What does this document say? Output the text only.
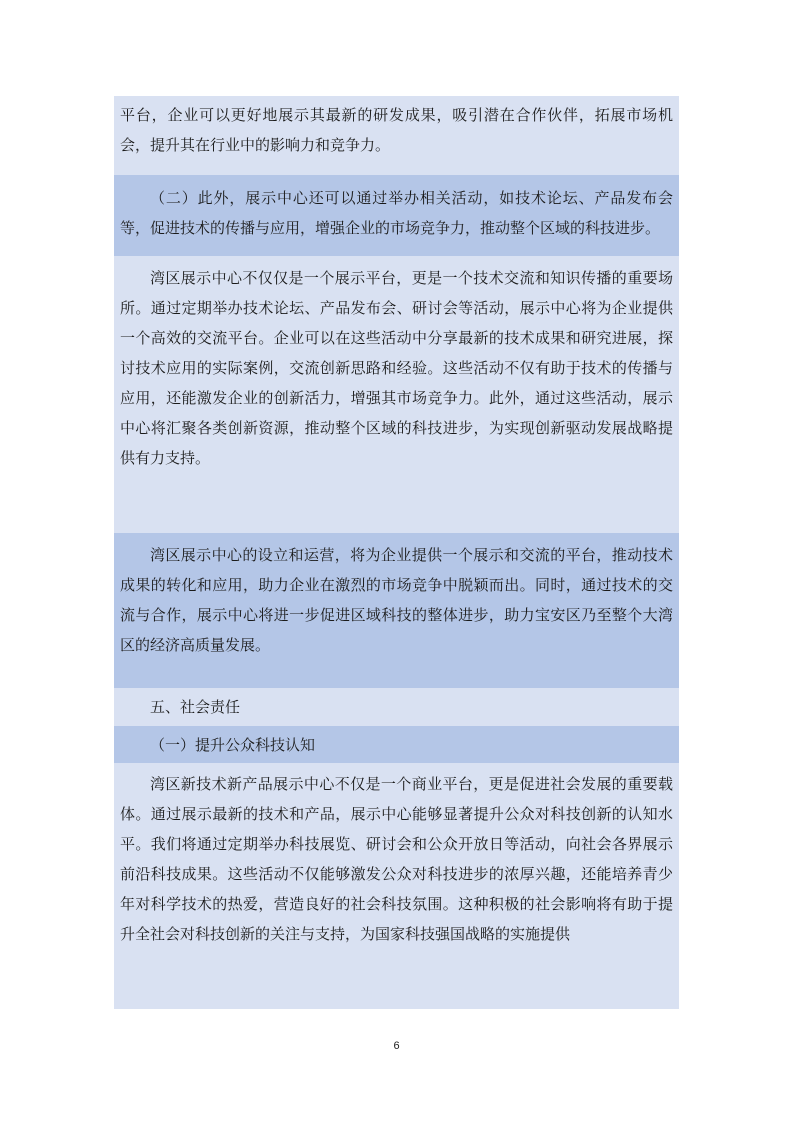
平台，企业可以更好地展示其最新的研发成果，吸引潜在合作伙伴，拓展市场机会，提升其在行业中的影响力和竞争力。

（二）此外，展示中心还可以通过举办相关活动，如技术论坛、产品发布会等，促进技术的传播与应用，增强企业的市场竞争力，推动整个区域的科技进步。

湾区展示中心不仅仅是一个展示平台，更是一个技术交流和知识传播的重要场所。通过定期举办技术论坛、产品发布会、研讨会等活动，展示中心将为企业提供一个高效的交流平台。企业可以在这些活动中分享最新的技术成果和研究进展，探讨技术应用的实际案例，交流创新思路和经验。这些活动不仅有助于技术的传播与应用，还能激发企业的创新活力，增强其市场竞争力。此外，通过这些活动，展示中心将汇聚各类创新资源，推动整个区域的科技进步，为实现创新驱动发展战略提供有力支持。

湾区展示中心的设立和运营，将为企业提供一个展示和交流的平台，推动技术成果的转化和应用，助力企业在激烈的市场竞争中脱颖而出。同时，通过技术的交流与合作，展示中心将进一步促进区域科技的整体进步，助力宝安区乃至整个大湾区的经济高质量发展。

五、社会责任

（一）提升公众科技认知

湾区新技术新产品展示中心不仅是一个商业平台，更是促进社会发展的重要载体。通过展示最新的技术和产品，展示中心能够显著提升公众对科技创新的认知水平。我们将通过定期举办科技展览、研讨会和公众开放日等活动，向社会各界展示前沿科技成果。这些活动不仅能够激发公众对科技进步的浓厚兴趣，还能培养青少年对科学技术的热爱，营造良好的社会科技氛围。这种积极的社会影响将有助于提升全社会对科技创新的关注与支持，为国家科技强国战略的实施提供

6
